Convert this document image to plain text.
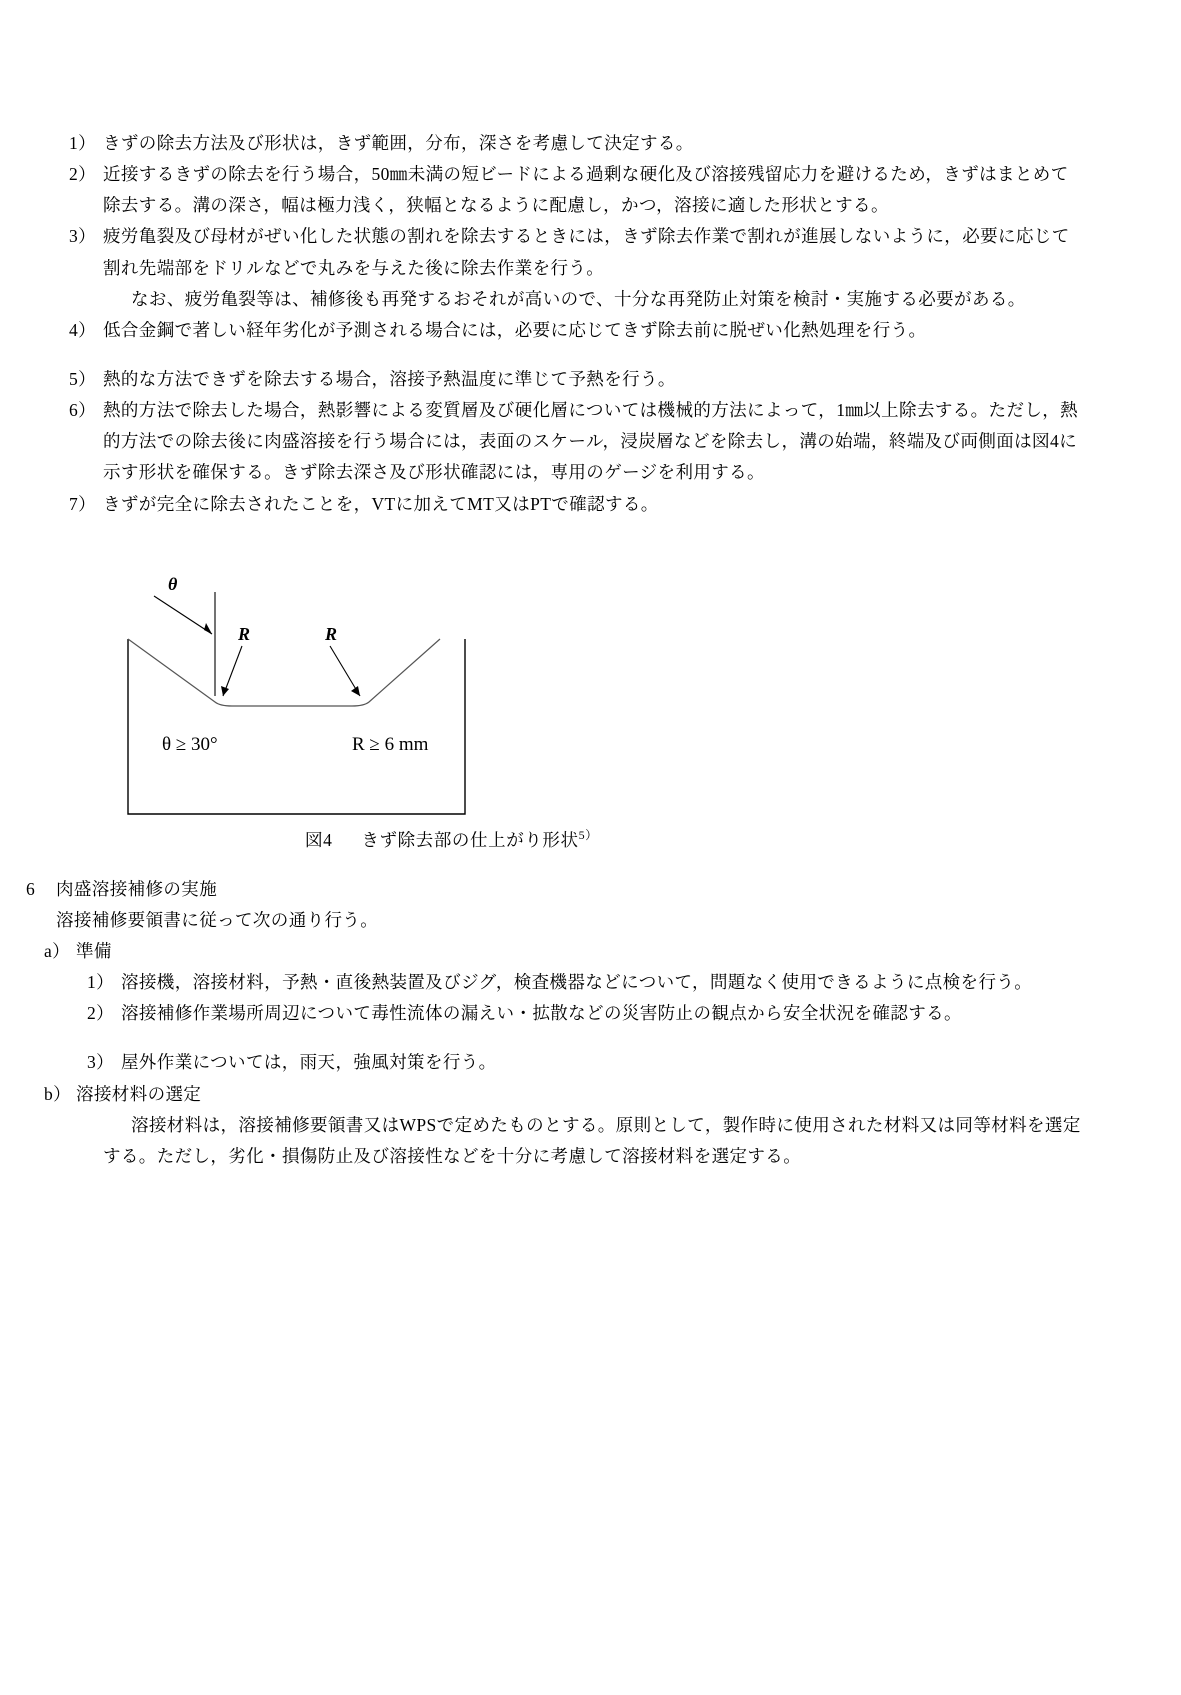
1） きずの除去方法及び形状は，きず範囲，分布，深さを考慮して決定する。
2） 近接するきずの除去を行う場合，50㎜未満の短ビードによる過剰な硬化及び溶接残留応力を避けるため，きずはまとめて除去する。溝の深さ，幅は極力浅く，狭幅となるように配慮し，かつ，溶接に適した形状とする。
3） 疲労亀裂及び母材がぜい化した状態の割れを除去するときには，きず除去作業で割れが進展しないように，必要に応じて割れ先端部をドリルなどで丸みを与えた後に除去作業を行う。
なお、疲労亀裂等は、補修後も再発するおそれが高いので、十分な再発防止対策を検討・実施する必要がある。
4） 低合金鋼で著しい経年劣化が予測される場合には，必要に応じてきず除去前に脱ぜい化熱処理を行う。
5） 熱的な方法できずを除去する場合，溶接予熱温度に準じて予熱を行う。
6） 熱的方法で除去した場合，熱影響による変質層及び硬化層については機械的方法によって，1㎜以上除去する。ただし，熱的方法での除去後に肉盛溶接を行う場合には，表面のスケール，浸炭層などを除去し，溝の始端，終端及び両側面は図4に示す形状を確保する。きず除去深さ及び形状確認には，専用のゲージを利用する。
7） きずが完全に除去されたことを，VTに加えてMT又はPTで確認する。
θ
R	R
θ ≥ 30°	R ≥ 6 mm
図4 きず除去部の仕上がり形状$^{5)}$
6	肉盛溶接補修の実施
溶接補修要領書に従って次の通り行う。
a） 準備
1） 溶接機，溶接材料，予熱・直後熱装置及びジグ，検査機器などについて，問題なく使用できるように点検を行う。
2） 溶接補修作業場所周辺について毒性流体の漏えい・拡散などの災害防止の観点から安全状況を確認する。
3） 屋外作業については，雨天，強風対策を行う。
b） 溶接材料の選定
溶接材料は，溶接補修要領書又はWPSで定めたものとする。原則として，製作時に使用された材料又は同等材料を選定する。ただし，劣化・損傷防止及び溶接性などを十分に考慮して溶接材料を選定する。
